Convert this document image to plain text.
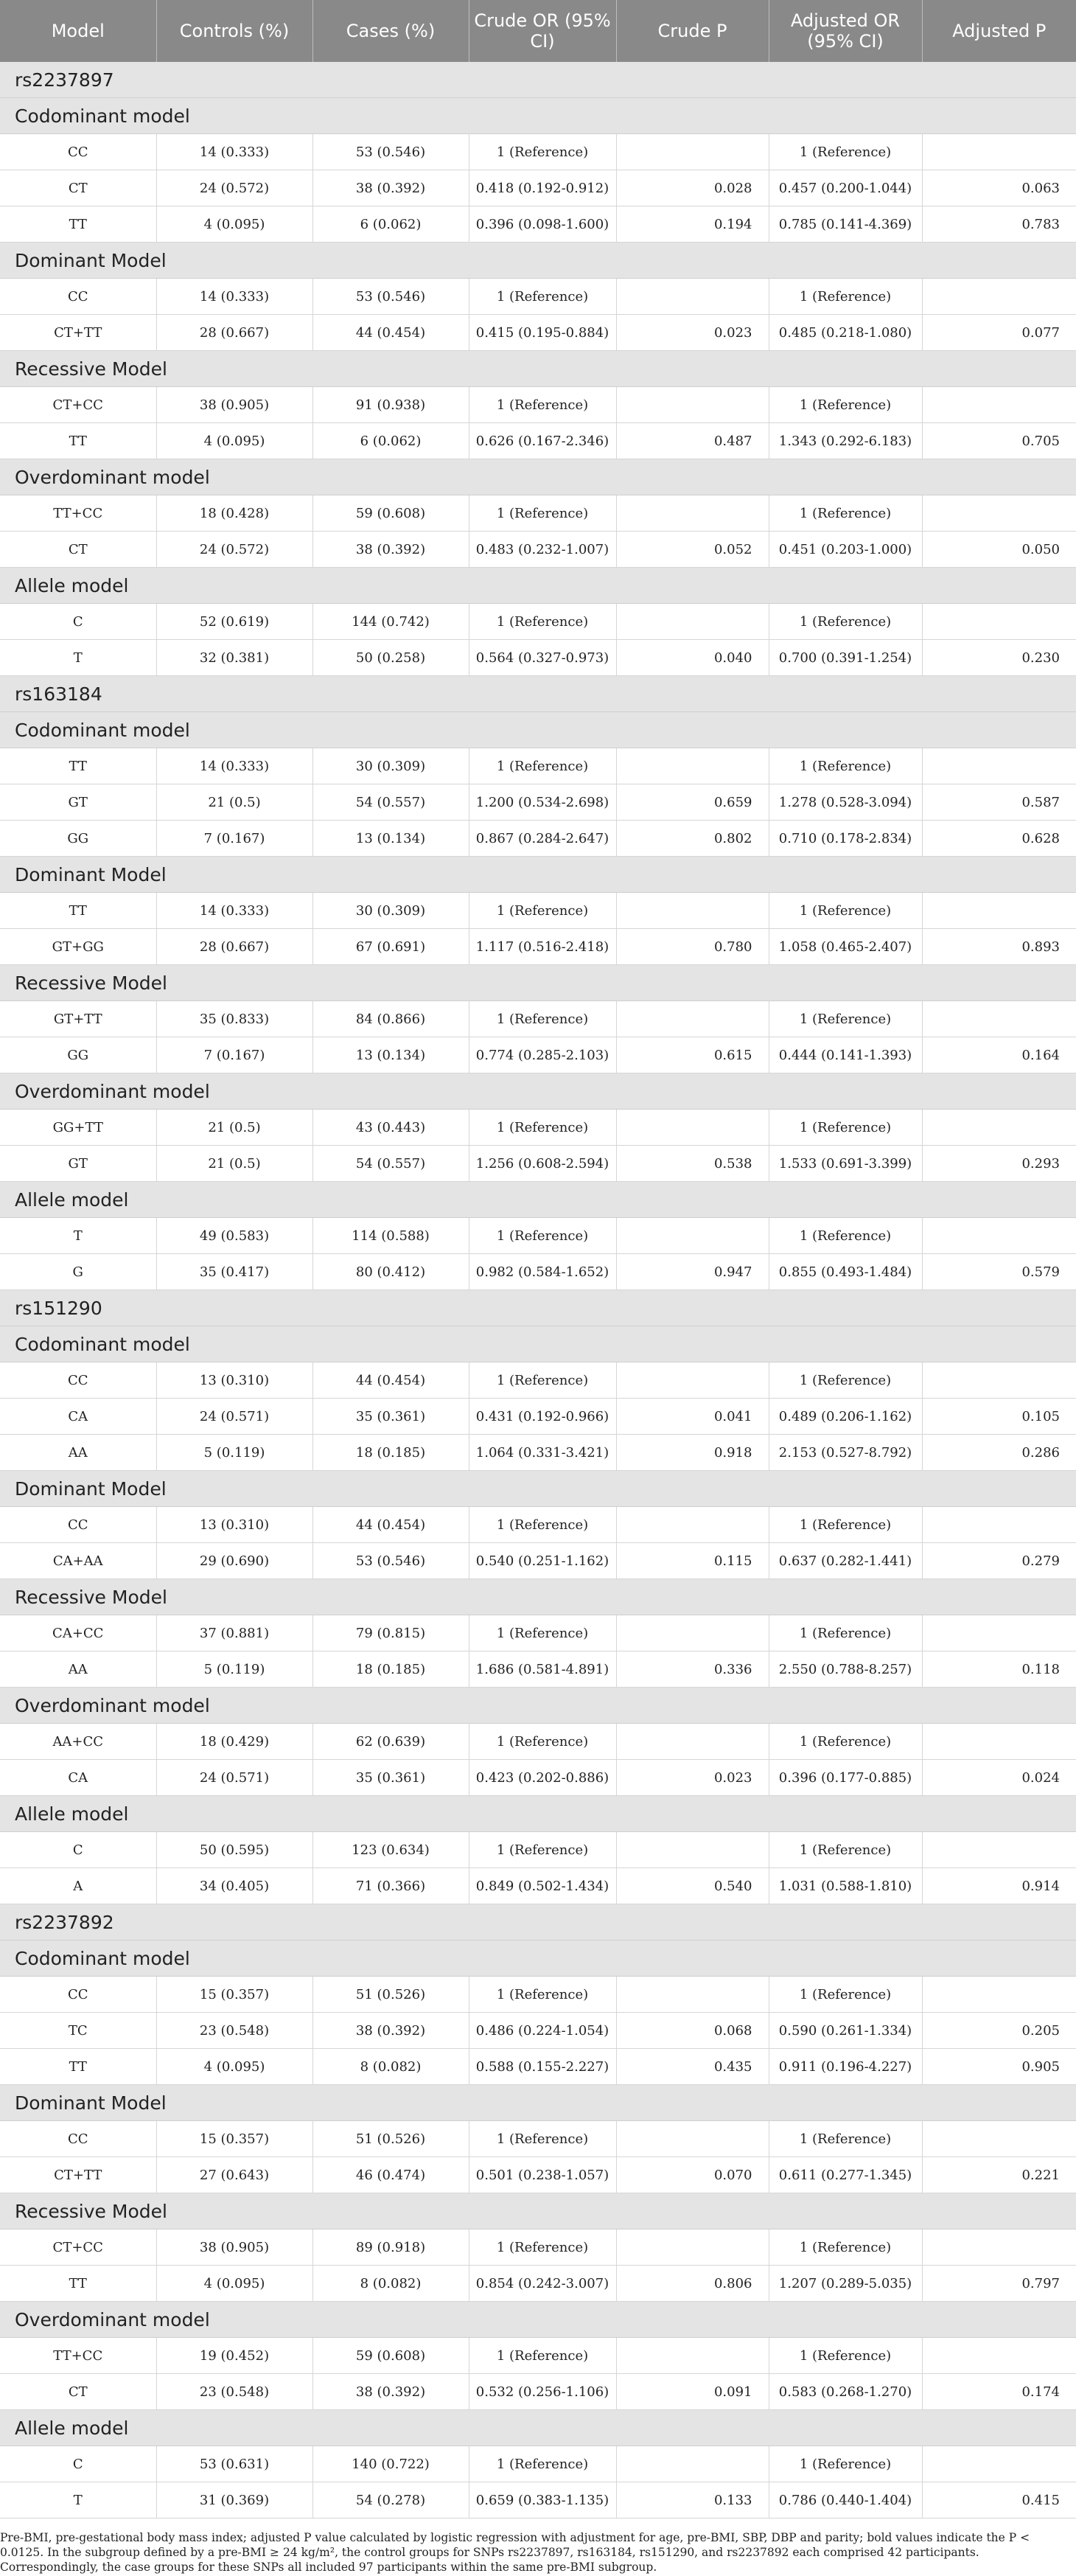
Model	Controls (%)	Cases (%)	Crude OR (95% CI)	Crude P	Adjusted OR (95% CI)	Adjusted P
rs2237897						
Codominant model						
CC	14 (0.333)	53 (0.546)	1 (Reference)		1 (Reference)	
CT	24 (0.572)	38 (0.392)	0.418 (0.192-0.912)	0.028	0.457 (0.200-1.044)	0.063
TT	4 (0.095)	6 (0.062)	0.396 (0.098-1.600)	0.194	0.785 (0.141-4.369)	0.783
Dominant Model						
CC	14 (0.333)	53 (0.546)	1 (Reference)		1 (Reference)	
CT+TT	28 (0.667)	44 (0.454)	0.415 (0.195-0.884)	0.023	0.485 (0.218-1.080)	0.077
Recessive Model						
CT+CC	38 (0.905)	91 (0.938)	1 (Reference)		1 (Reference)	
TT	4 (0.095)	6 (0.062)	0.626 (0.167-2.346)	0.487	1.343 (0.292-6.183)	0.705
Overdominant model						
TT+CC	18 (0.428)	59 (0.608)	1 (Reference)		1 (Reference)	
CT	24 (0.572)	38 (0.392)	0.483 (0.232-1.007)	0.052	0.451 (0.203-1.000)	0.050
Allele model						
C	52 (0.619)	144 (0.742)	1 (Reference)		1 (Reference)	
T	32 (0.381)	50 (0.258)	0.564 (0.327-0.973)	0.040	0.700 (0.391-1.254)	0.230
rs163184						
Codominant model						
TT	14 (0.333)	30 (0.309)	1 (Reference)		1 (Reference)	
GT	21 (0.5)	54 (0.557)	1.200 (0.534-2.698)	0.659	1.278 (0.528-3.094)	0.587
GG	7 (0.167)	13 (0.134)	0.867 (0.284-2.647)	0.802	0.710 (0.178-2.834)	0.628
Dominant Model						
TT	14 (0.333)	30 (0.309)	1 (Reference)		1 (Reference)	
GT+GG	28 (0.667)	67 (0.691)	1.117 (0.516-2.418)	0.780	1.058 (0.465-2.407)	0.893
Recessive Model						
GT+TT	35 (0.833)	84 (0.866)	1 (Reference)		1 (Reference)	
GG	7 (0.167)	13 (0.134)	0.774 (0.285-2.103)	0.615	0.444 (0.141-1.393)	0.164
Overdominant model						
GG+TT	21 (0.5)	43 (0.443)	1 (Reference)		1 (Reference)	
GT	21 (0.5)	54 (0.557)	1.256 (0.608-2.594)	0.538	1.533 (0.691-3.399)	0.293
Allele model						
T	49 (0.583)	114 (0.588)	1 (Reference)		1 (Reference)	
G	35 (0.417)	80 (0.412)	0.982 (0.584-1.652)	0.947	0.855 (0.493-1.484)	0.579
rs151290						
Codominant model						
CC	13 (0.310)	44 (0.454)	1 (Reference)		1 (Reference)	
CA	24 (0.571)	35 (0.361)	0.431 (0.192-0.966)	0.041	0.489 (0.206-1.162)	0.105
AA	5 (0.119)	18 (0.185)	1.064 (0.331-3.421)	0.918	2.153 (0.527-8.792)	0.286
Dominant Model						
CC	13 (0.310)	44 (0.454)	1 (Reference)		1 (Reference)	
CA+AA	29 (0.690)	53 (0.546)	0.540 (0.251-1.162)	0.115	0.637 (0.282-1.441)	0.279
Recessive Model						
CA+CC	37 (0.881)	79 (0.815)	1 (Reference)		1 (Reference)	
AA	5 (0.119)	18 (0.185)	1.686 (0.581-4.891)	0.336	2.550 (0.788-8.257)	0.118
Overdominant model						
AA+CC	18 (0.429)	62 (0.639)	1 (Reference)		1 (Reference)	
CA	24 (0.571)	35 (0.361)	0.423 (0.202-0.886)	0.023	0.396 (0.177-0.885)	0.024
Allele model						
C	50 (0.595)	123 (0.634)	1 (Reference)		1 (Reference)	
A	34 (0.405)	71 (0.366)	0.849 (0.502-1.434)	0.540	1.031 (0.588-1.810)	0.914
rs2237892						
Codominant model						
CC	15 (0.357)	51 (0.526)	1 (Reference)		1 (Reference)	
TC	23 (0.548)	38 (0.392)	0.486 (0.224-1.054)	0.068	0.590 (0.261-1.334)	0.205
TT	4 (0.095)	8 (0.082)	0.588 (0.155-2.227)	0.435	0.911 (0.196-4.227)	0.905
Dominant Model						
CC	15 (0.357)	51 (0.526)	1 (Reference)		1 (Reference)	
CT+TT	27 (0.643)	46 (0.474)	0.501 (0.238-1.057)	0.070	0.611 (0.277-1.345)	0.221
Recessive Model						
CT+CC	38 (0.905)	89 (0.918)	1 (Reference)		1 (Reference)	
TT	4 (0.095)	8 (0.082)	0.854 (0.242-3.007)	0.806	1.207 (0.289-5.035)	0.797
Overdominant model						
TT+CC	19 (0.452)	59 (0.608)	1 (Reference)		1 (Reference)	
CT	23 (0.548)	38 (0.392)	0.532 (0.256-1.106)	0.091	0.583 (0.268-1.270)	0.174
Allele model						
C	53 (0.631)	140 (0.722)	1 (Reference)		1 (Reference)	
T	31 (0.369)	54 (0.278)	0.659 (0.383-1.135)	0.133	0.786 (0.440-1.404)	0.415
Pre-BMI, pre-gestational body mass index; adjusted P value calculated by logistic regression with adjustment for age, pre-BMI, SBP, DBP and parity; bold values indicate the P < 0.0125. In the subgroup defined by a pre-BMI ≥ 24 kg/m², the control groups for SNPs rs2237897, rs163184, rs151290, and rs2237892 each comprised 42 participants. Correspondingly, the case groups for these SNPs all included 97 participants within the same pre-BMI subgroup.
